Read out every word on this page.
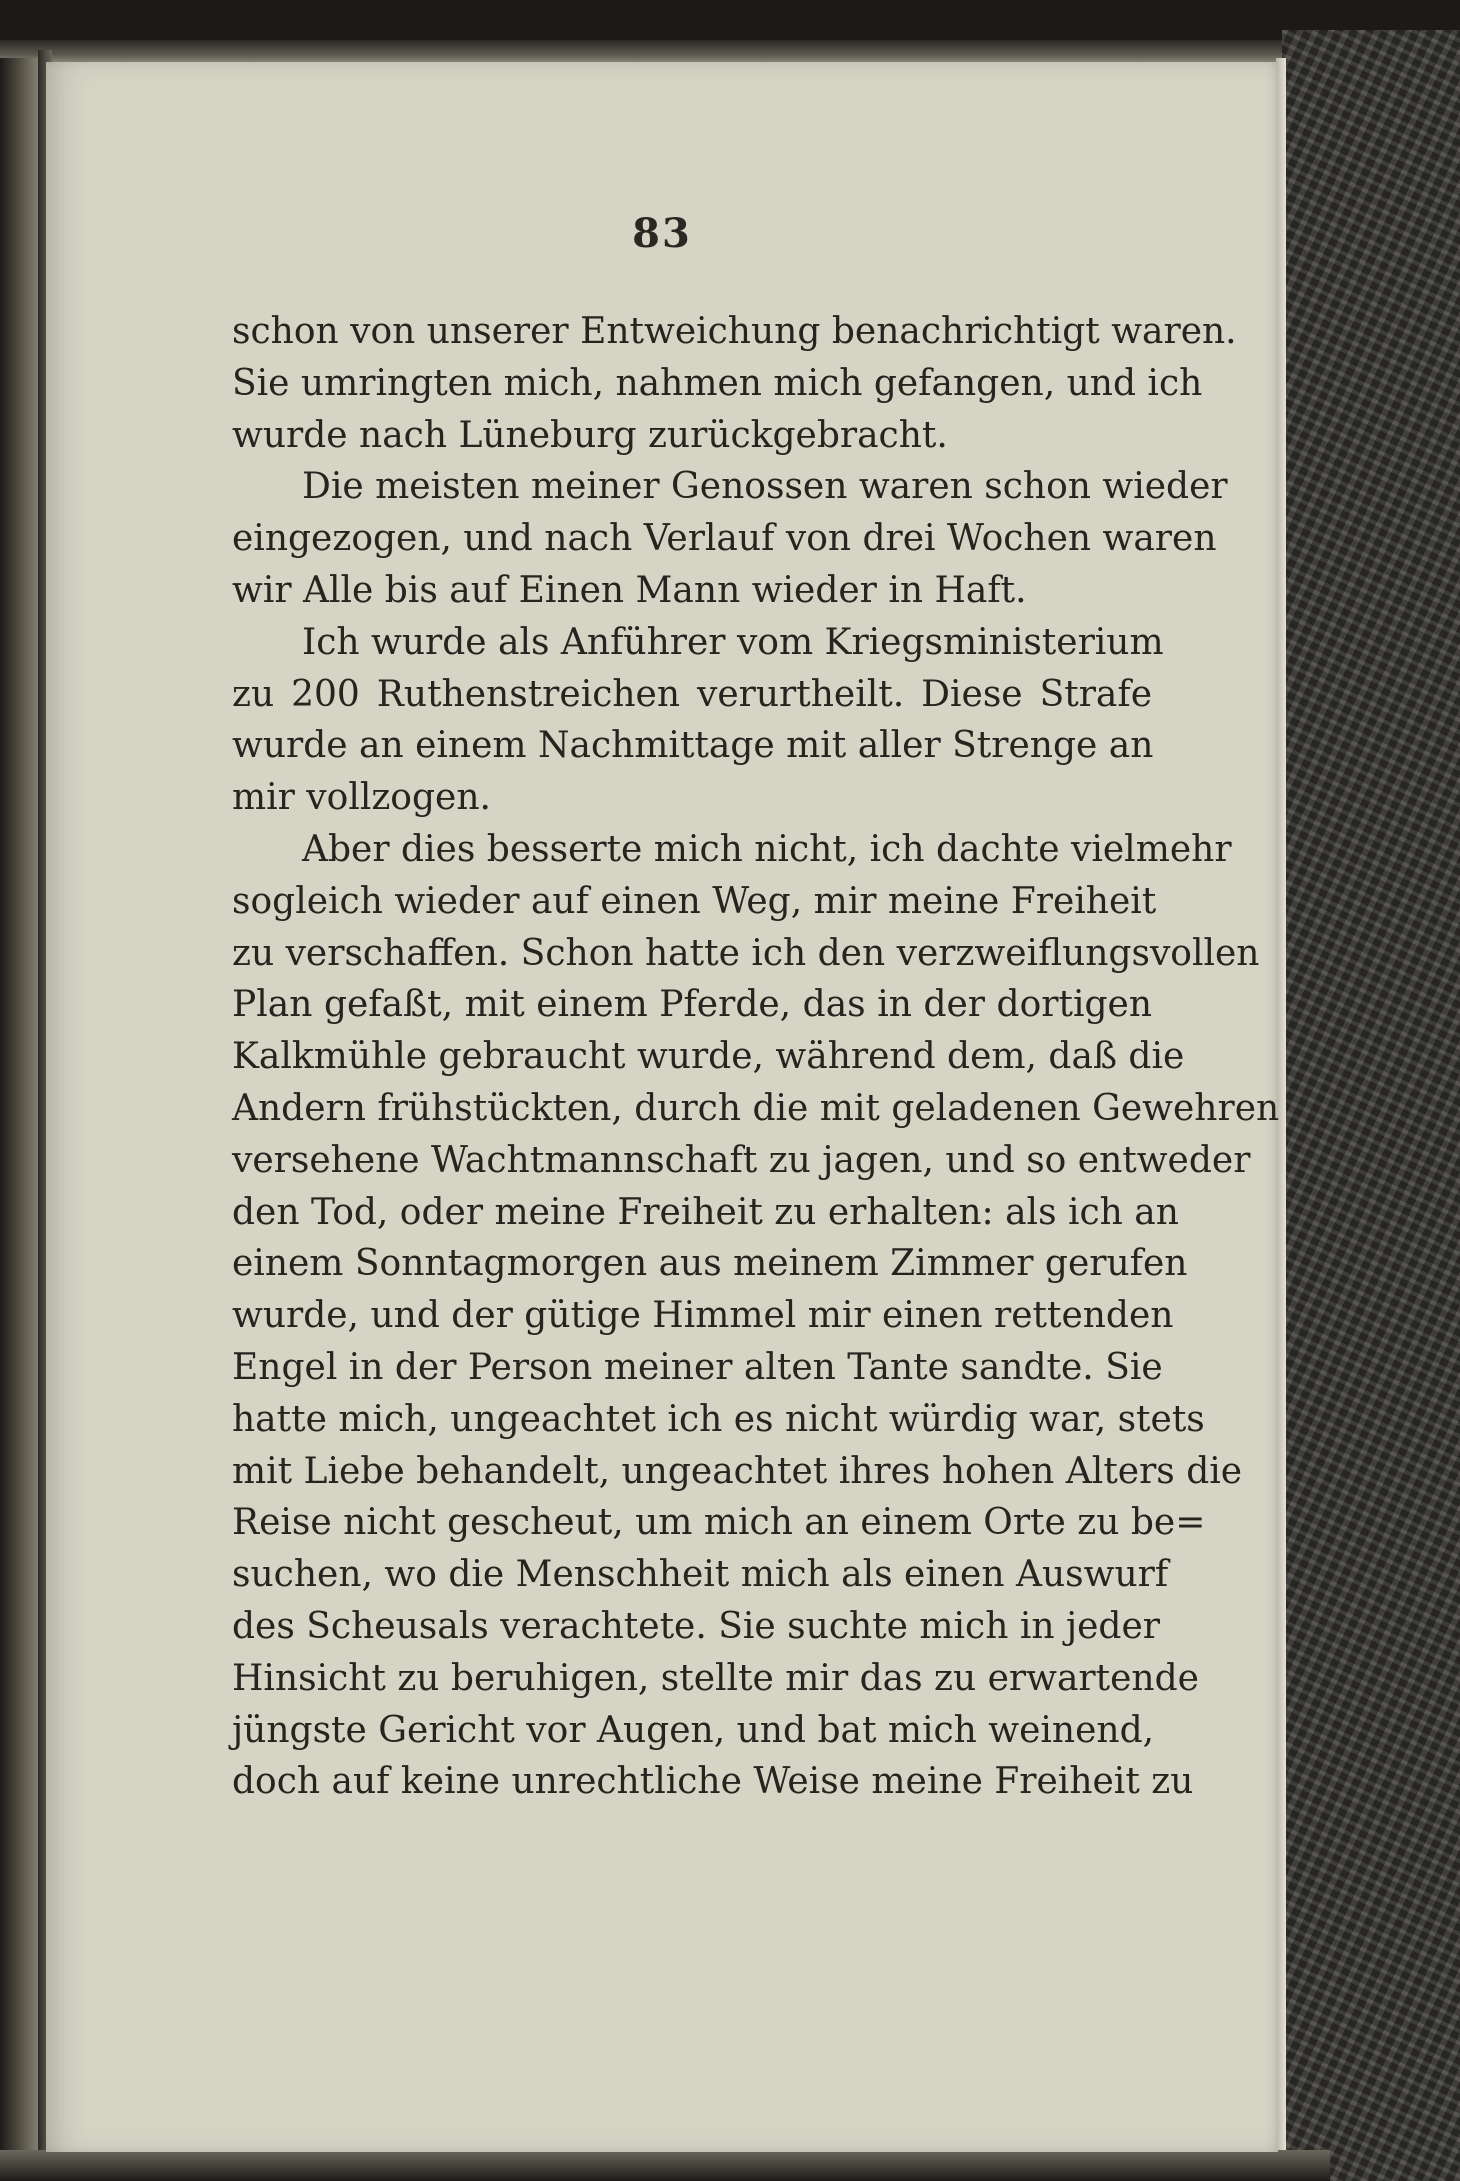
83
schon von unserer Entweichung benachrichtigt waren.
Sie umringten mich, nahmen mich gefangen, und ich
wurde nach Lüneburg zurückgebracht.
Die meisten meiner Genossen waren schon wieder
eingezogen, und nach Verlauf von drei Wochen waren
wir Alle bis auf Einen Mann wieder in Haft.
Ich wurde als Anführer vom Kriegsministerium
zu 200 Ruthenstreichen verurtheilt. Diese Strafe
wurde an einem Nachmittage mit aller Strenge an
mir vollzogen.
Aber dies besserte mich nicht, ich dachte vielmehr
sogleich wieder auf einen Weg, mir meine Freiheit
zu verschaffen. Schon hatte ich den verzweiflungsvollen
Plan gefaßt, mit einem Pferde, das in der dortigen
Kalkmühle gebraucht wurde, während dem, daß die
Andern frühstückten, durch die mit geladenen Gewehren
versehene Wachtmannschaft zu jagen, und so entweder
den Tod, oder meine Freiheit zu erhalten: als ich an
einem Sonntagmorgen aus meinem Zimmer gerufen
wurde, und der gütige Himmel mir einen rettenden
Engel in der Person meiner alten Tante sandte. Sie
hatte mich, ungeachtet ich es nicht würdig war, stets
mit Liebe behandelt, ungeachtet ihres hohen Alters die
Reise nicht gescheut, um mich an einem Orte zu be=
suchen, wo die Menschheit mich als einen Auswurf
des Scheusals verachtete. Sie suchte mich in jeder
Hinsicht zu beruhigen, stellte mir das zu erwartende
jüngste Gericht vor Augen, und bat mich weinend,
doch auf keine unrechtliche Weise meine Freiheit zu
